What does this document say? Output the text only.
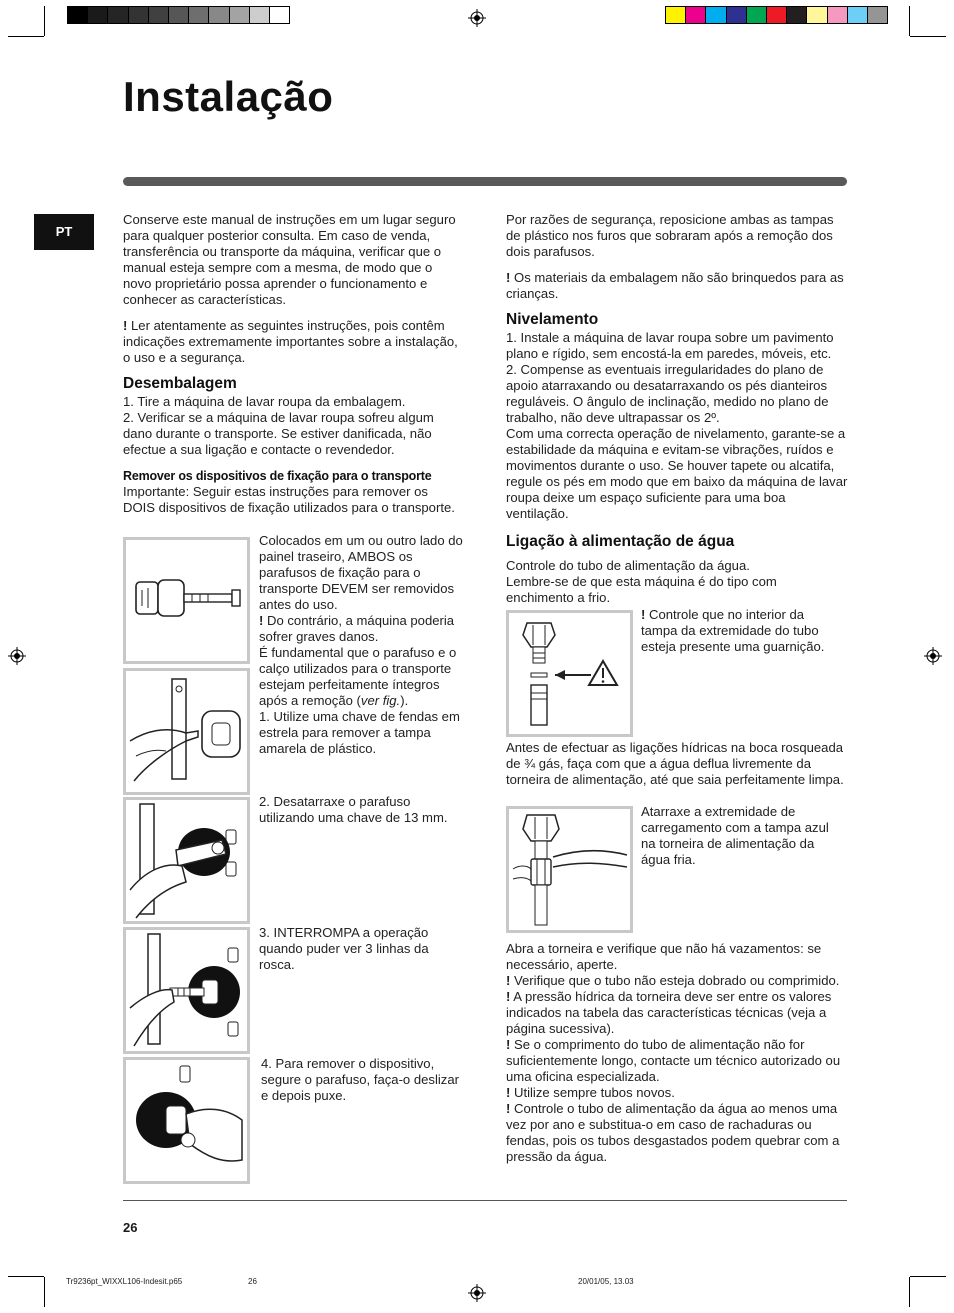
Instalação
PT

Conserve este manual de instruções em um lugar seguro para qualquer posterior consulta. Em caso de venda, transferência ou transporte da máquina, verificar que o manual esteja sempre com a mesma, de modo que o novo proprietário possa aprender o funcionamento e conhecer as características.

! Ler atentamente as seguintes instruções, pois contêm indicações extremamente importantes sobre a instalação, o uso e a segurança.

Desembalagem

1. Tire a máquina de lavar roupa da embalagem.

2. Verificar se a máquina de lavar roupa sofreu algum dano durante o transporte. Se estiver danificada, não efectue a sua ligação e contacte o revendedor.

Remover os dispositivos de fixação para o transporte

Importante: Seguir estas instruções para remover os DOIS dispositivos de fixação utilizados para o transporte.

Colocados em um ou outro lado do painel traseiro, AMBOS os parafusos de fixação para o transporte DEVEM ser removidos antes do uso.

! Do contrário, a máquina poderia sofrer graves danos.

É fundamental que o parafuso e o calço utilizados para o transporte estejam perfeitamente íntegros após a remoção (ver fig.).

1. Utilize uma chave de fendas em estrela para remover a tampa amarela de plástico.

2. Desatarraxe o parafuso utilizando uma chave de 13 mm.
3. INTERROMPA a operação quando puder ver 3 linhas da rosca.
4. Para remover o dispositivo, segure o parafuso, faça-o deslizar e depois puxe.

Por razões de segurança, reposicione ambas as tampas de plástico nos furos que sobraram após a remoção dos dois parafusos.

! Os materiais da embalagem não são brinquedos para as crianças.

Nivelamento

1. Instale a máquina de lavar roupa sobre um pavimento plano e rígido, sem encostá-la em paredes, móveis, etc.

2. Compense as eventuais irregularidades do plano de apoio atarraxando ou desatarraxando os pés dianteiros reguláveis. O ângulo de inclinação, medido no plano de trabalho, não deve ultrapassar os 2º.

Com uma correcta operação de nivelamento, garante-se a estabilidade da máquina e evitam-se vibrações, ruídos e movimentos durante o uso. Se houver tapete ou alcatifa, regule os pés em modo que em baixo da máquina de lavar roupa deixe um espaço suficiente para uma boa ventilação.

Ligação à alimentação de água

Controle do tubo de alimentação da água.

Lembre-se de que esta máquina é do tipo com enchimento a frio.

! Controle que no interior da tampa da extremidade do tubo esteja presente uma guarnição.

Antes de efectuar as ligações hídricas na boca rosqueada de ¾ gás, faça com que a água deflua livremente da torneira de alimentação, até que saia perfeitamente limpa.
Atarraxe a extremidade de carregamento com a tampa azul na torneira de alimentação da água fria.

Abra a torneira e verifique que não há vazamentos: se necessário, aperte.

! Verifique que o tubo não esteja dobrado ou comprimido.

! A pressão hídrica da torneira deve ser entre os valores indicados na tabela das características técnicas (veja a página sucessiva).

! Se o comprimento do tubo de alimentação não for suficientemente longo, contacte um técnico autorizado ou uma oficina especializada.

! Utilize sempre tubos novos.

! Controle o tubo de alimentação da água ao menos uma vez por ano e substitua-o em caso de rachaduras ou fendas, pois os tubos desgastados podem quebrar com a pressão da água.

26
Tr9236pt_WIXXL106-Indesit.p65	26	20/01/05, 13.03
